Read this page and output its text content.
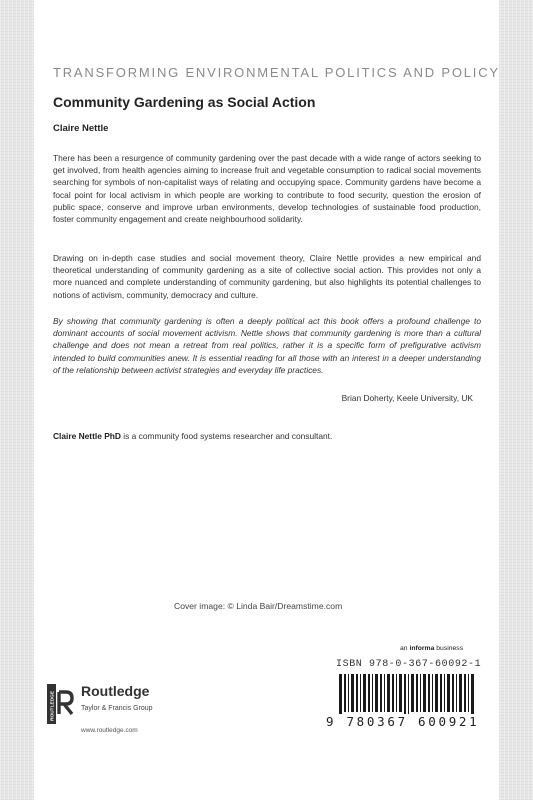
TRANSFORMING ENVIRONMENTAL POLITICS AND POLICY
Community Gardening as Social Action
Claire Nettle

There has been a resurgence of community gardening over the past decade with a wide range of actors seeking to get involved, from health agencies aiming to increase fruit and vegetable consumption to radical social movements searching for symbols of non-capitalist ways of relating and occupying space. Community gardens have become a focal point for local activism in which people are working to contribute to food security, question the erosion of public space, conserve and improve urban environments, develop technologies of sustainable food production, foster community engagement and create neighbourhood solidarity.

Drawing on in-depth case studies and social movement theory, Claire Nettle provides a new empirical and theoretical understanding of community gardening as a site of collective social action. This provides not only a more nuanced and complete understanding of community gardening, but also highlights its potential challenges to notions of activism, community, democracy and culture.

By showing that community gardening is often a deeply political act this book offers a profound challenge to dominant accounts of social movement activism. Nettle shows that community gardening is more than a cultural challenge and does not mean a retreat from real politics, rather it is a specific form of prefigurative activism intended to build communities anew. It is essential reading for all those with an interest in a deeper understanding of the relationship between activist strategies and everyday life practices.

Brian Doherty, Keele University, UK
Claire Nettle PhD is a community food systems researcher and consultant.
Cover image: © Linda Bair/Dreamstime.com
an informa business
ISBN 978-0-367-60092-1
9 780367 600921
ROUTLEDGE Routledge
Taylor & Francis Group
www.routledge.com
